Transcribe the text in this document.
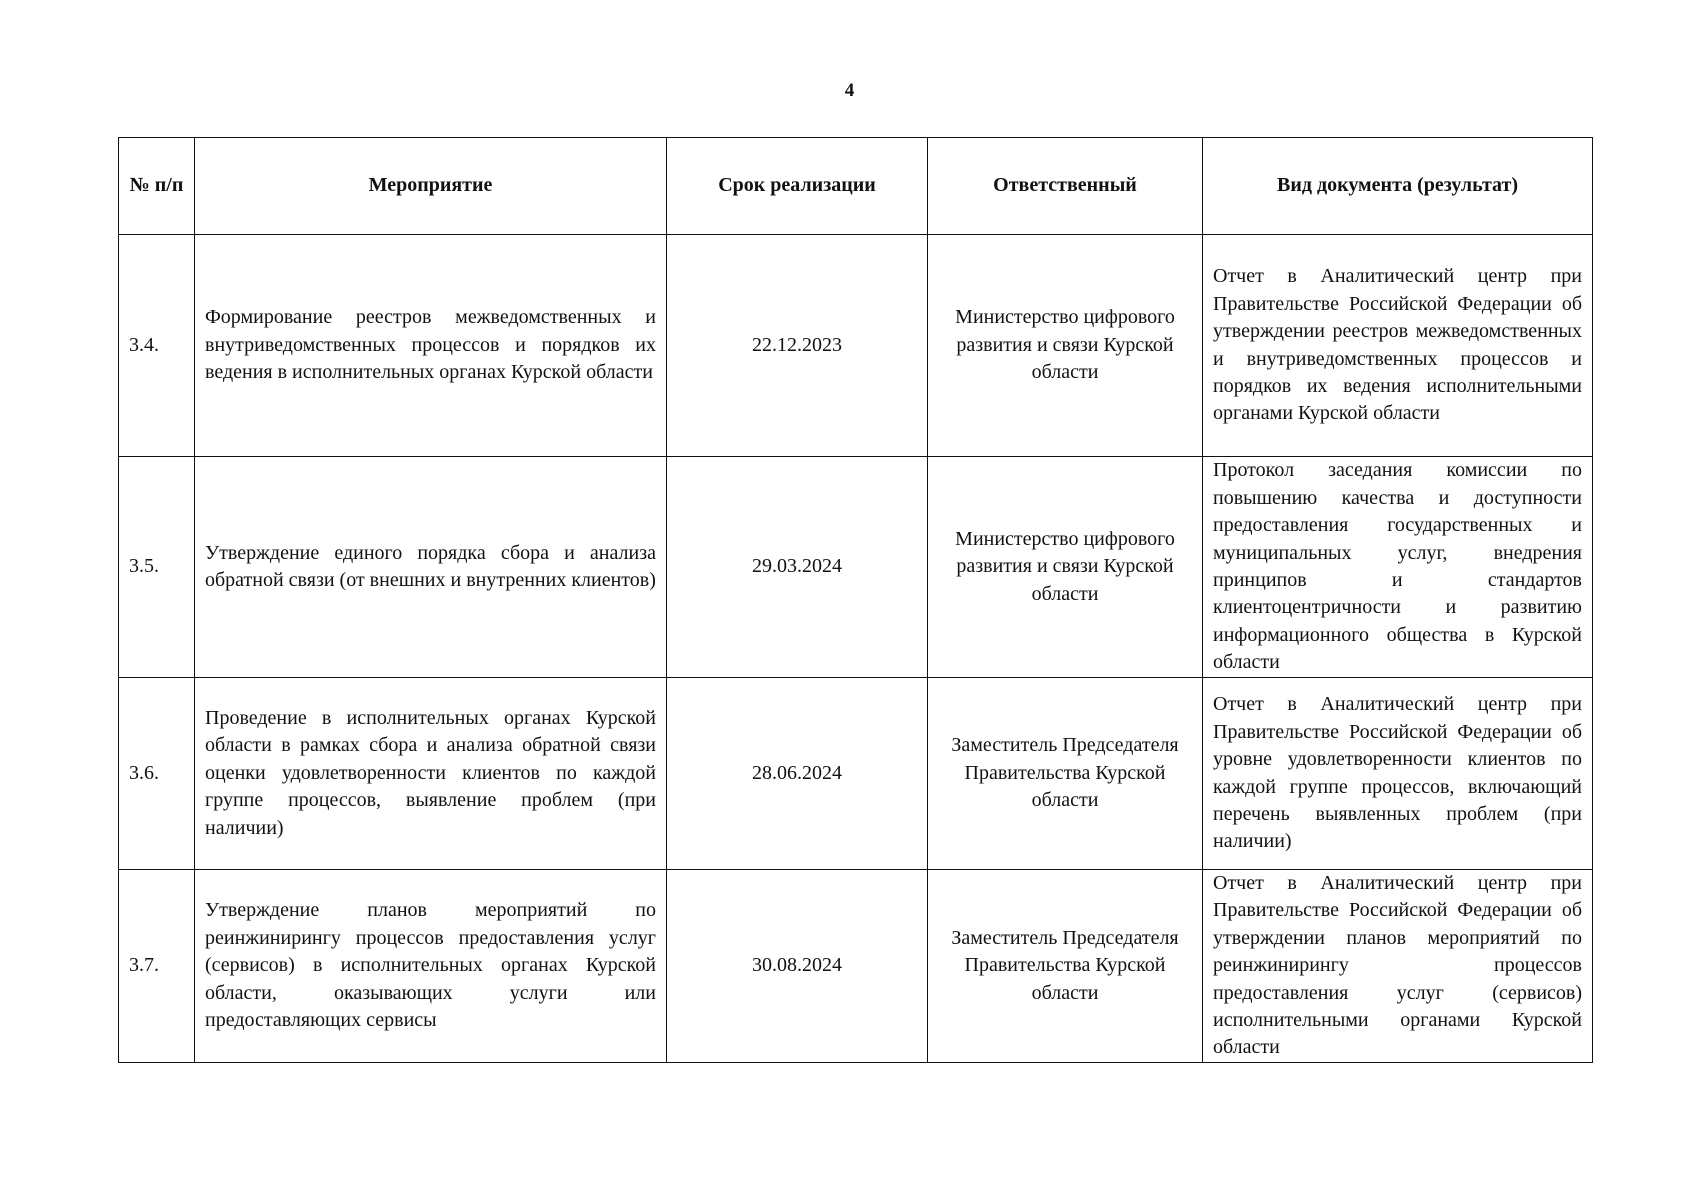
4
№ п/п	Мероприятие	Срок реализации	Ответственный	Вид документа (результат)
3.4.	Формирование реестров межведомственных и внутриведомственных процессов и порядков их ведения в исполнительных органах Курской области	22.12.2023	Министерство цифрового развития и связи Курской области	Отчет в Аналитический центр при Правительстве Российской Федерации об утверждении реестров межведомственных и внутриведомственных процессов и порядков их ведения исполнительными органами Курской области
3.5.	Утверждение единого порядка сбора и анализа обратной связи (от внешних и внутренних клиентов)	29.03.2024	Министерство цифрового развития и связи Курской области	Протокол заседания комиссии по повышению качества и доступности предоставления государственных и муниципальных услуг, внедрения принципов и стандартов клиентоцентричности и развитию информационного общества в Курской области
3.6.	Проведение в исполнительных органах Курской области в рамках сбора и анализа обратной связи оценки удовлетворенности клиентов по каждой группе процессов, выявление проблем (при наличии)	28.06.2024	Заместитель Председателя Правительства Курской области	Отчет в Аналитический центр при Правительстве Российской Федерации об уровне удовлетворенности клиентов по каждой группе процессов, включающий перечень выявленных проблем (при наличии)
3.7.	Утверждение планов мероприятий по реинжинирингу процессов предоставления услуг (сервисов) в исполнительных органах Курской области, оказывающих услуги или предоставляющих сервисы	30.08.2024	Заместитель Председателя Правительства Курской области	Отчет в Аналитический центр при Правительстве Российской Федерации об утверждении планов мероприятий по реинжинирингу процессов предоставления услуг (сервисов) исполнительными органами Курской области
